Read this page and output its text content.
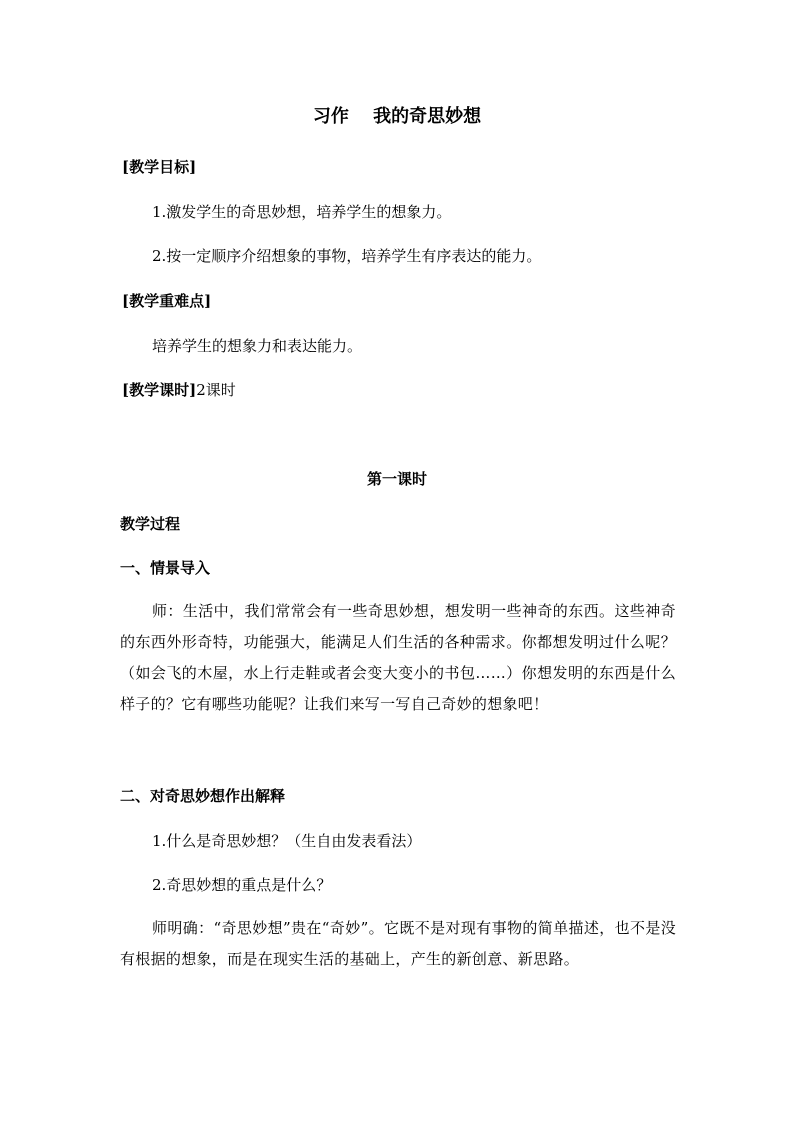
习作　 我的奇思妙想
[教学目标]
1.激发学生的奇思妙想，培养学生的想象力。
2.按一定顺序介绍想象的事物，培养学生有序表达的能力。
[教学重难点]
培养学生的想象力和表达能力。
[教学课时]2课时
第一课时
教学过程
一、情景导入
师：生活中，我们常常会有一些奇思妙想，想发明一些神奇的东西。这些神奇的东西外形奇特，功能强大，能满足人们生活的各种需求。你都想发明过什么呢？（如会飞的木屋，水上行走鞋或者会变大变小的书包……）你想发明的东西是什么样子的？它有哪些功能呢？让我们来写一写自己奇妙的想象吧！
二、对奇思妙想作出解释
1.什么是奇思妙想？（生自由发表看法）
2.奇思妙想的重点是什么？
师明确：“奇思妙想”贵在“奇妙”。它既不是对现有事物的简单描述，也不是没有根据的想象，而是在现实生活的基础上，产生的新创意、新思路。
